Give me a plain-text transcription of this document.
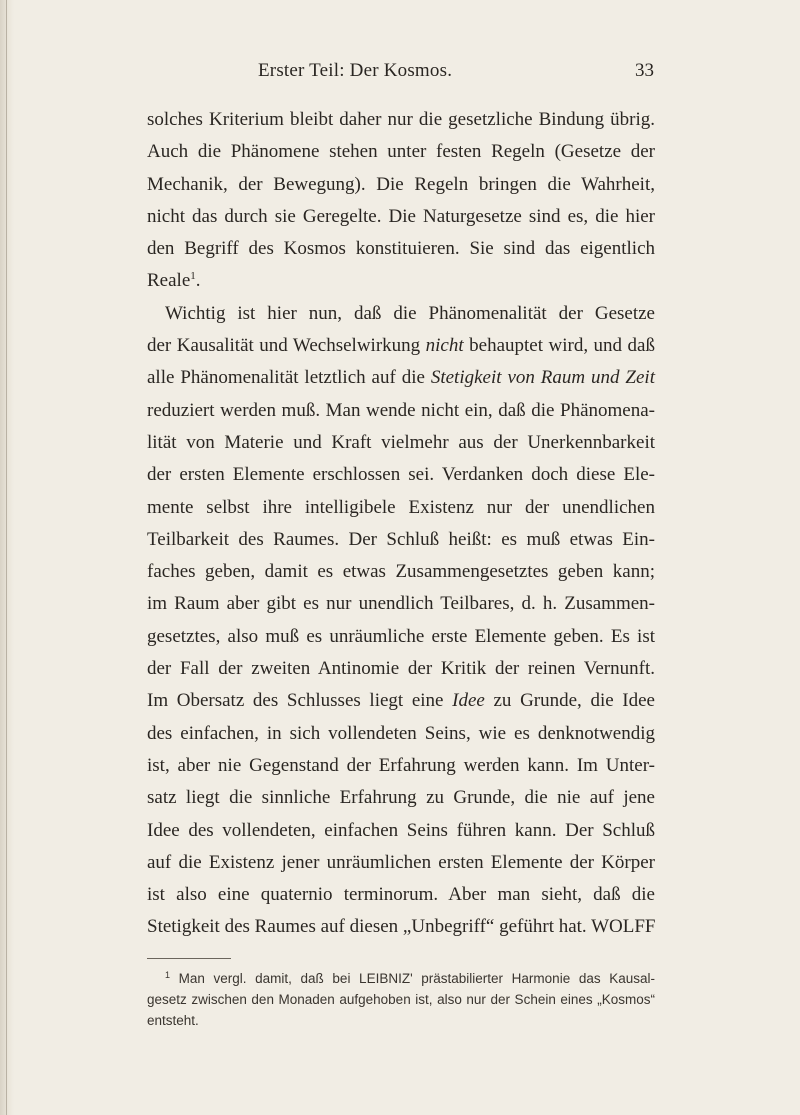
Erster Teil: Der Kosmos.	33
solches Kriterium bleibt daher nur die gesetzliche Bindung übrig.
Auch die Phänomene stehen unter festen Regeln (Gesetze der
Mechanik, der Bewegung). Die Regeln bringen die Wahrheit,
nicht das durch sie Geregelte. Die Naturgesetze sind es, die hier
den Begriff des Kosmos konstituieren. Sie sind das eigentlich
Reale$^1$.
Wichtig ist hier nun, daß die Phänomenalität der Gesetze
der Kausalität und Wechselwirkung nicht behauptet wird, und daß
alle Phänomenalität letztlich auf die Stetigkeit von Raum und Zeit
reduziert werden muß. Man wende nicht ein, daß die Phänomena-
lität von Materie und Kraft vielmehr aus der Unerkennbarkeit
der ersten Elemente erschlossen sei. Verdanken doch diese Ele-
mente selbst ihre intelligibele Existenz nur der unendlichen
Teilbarkeit des Raumes. Der Schluß heißt: es muß etwas Ein-
faches geben, damit es etwas Zusammengesetztes geben kann;
im Raum aber gibt es nur unendlich Teilbares, d. h. Zusammen-
gesetztes, also muß es unräumliche erste Elemente geben. Es ist
der Fall der zweiten Antinomie der Kritik der reinen Vernunft.
Im Obersatz des Schlusses liegt eine Idee zu Grunde, die Idee
des einfachen, in sich vollendeten Seins, wie es denknotwendig
ist, aber nie Gegenstand der Erfahrung werden kann. Im Unter-
satz liegt die sinnliche Erfahrung zu Grunde, die nie auf jene
Idee des vollendeten, einfachen Seins führen kann. Der Schluß
auf die Existenz jener unräumlichen ersten Elemente der Körper
ist also eine quaternio terminorum. Aber man sieht, daß die
Stetigkeit des Raumes auf diesen „Unbegriff“ geführt hat. WOLFF
$^1$ Man vergl. damit, daß bei LEIBNIZ' prästabilierter Harmonie das Kausal-
gesetz zwischen den Monaden aufgehoben ist, also nur der Schein eines „Kosmos“
entsteht.
